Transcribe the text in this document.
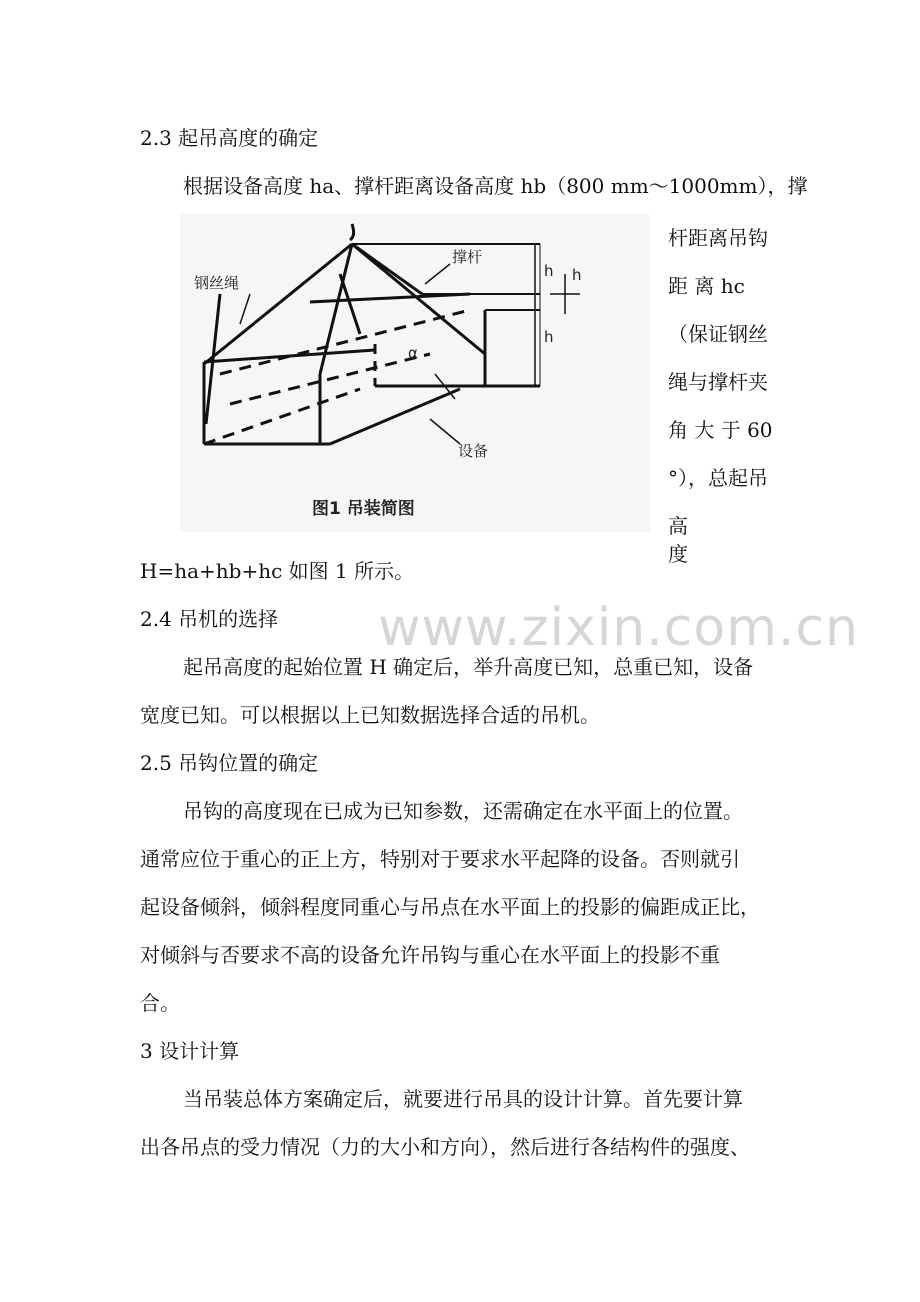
2.3 起吊高度的确定
根据设备高度 ha、撑杆距离设备高度 hb（800 mm～1000mm），撑
钢丝绳
撑杆
h
h
h
α
设备
图1 吊装简图
杆距离吊钩
距 离 hc
（保证钢丝
绳与撑杆夹
角 大 于 60
°），总起吊
高 度
H=ha+hb+hc 如图 1 所示。
www.zixin.com.cn
2.4 吊机的选择
起吊高度的起始位置 H 确定后，举升高度已知，总重已知，设备
宽度已知。可以根据以上已知数据选择合适的吊机。
2.5 吊钩位置的确定
吊钩的高度现在已成为已知参数，还需确定在水平面上的位置。
通常应位于重心的正上方，特别对于要求水平起降的设备。否则就引
起设备倾斜，倾斜程度同重心与吊点在水平面上的投影的偏距成正比，
对倾斜与否要求不高的设备允许吊钩与重心在水平面上的投影不重
合。
3 设计计算
当吊装总体方案确定后，就要进行吊具的设计计算。首先要计算
出各吊点的受力情况（力的大小和方向），然后进行各结构件的强度、
